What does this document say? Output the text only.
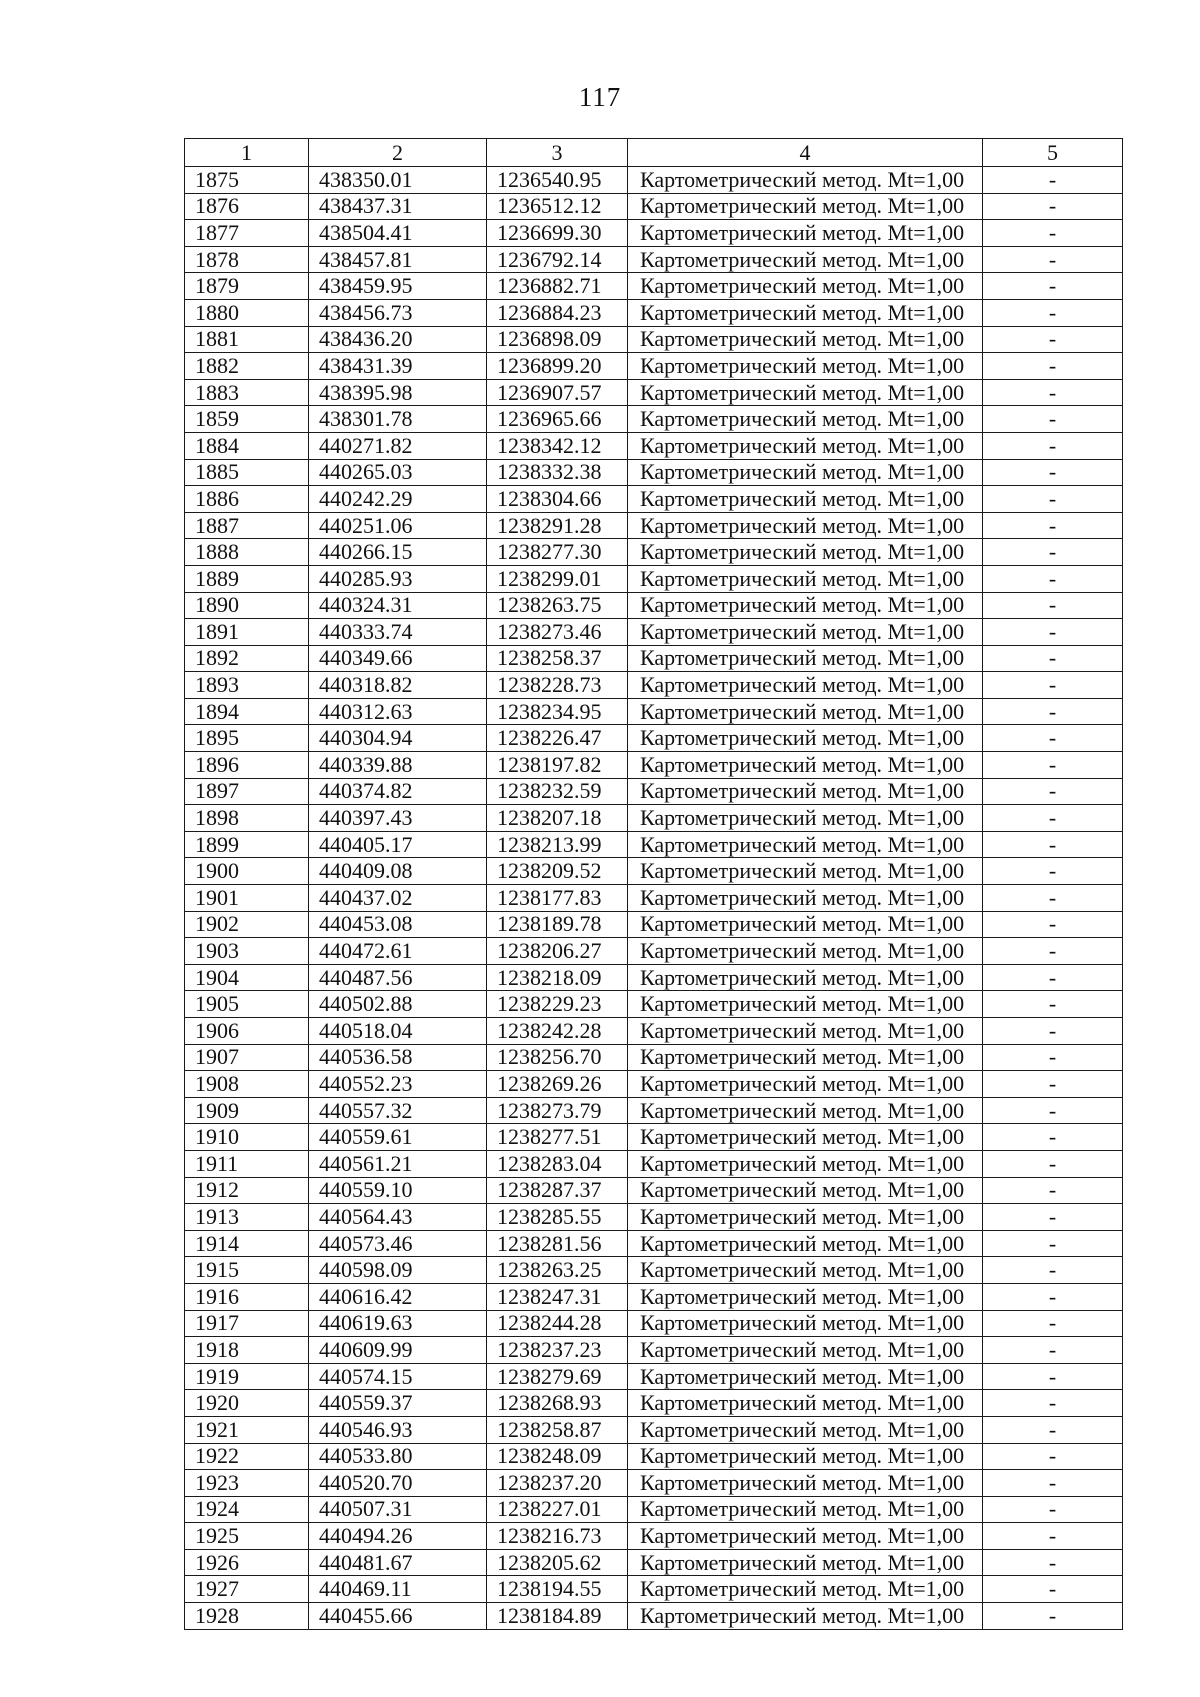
117
1	2	3	4	5
1875	438350.01	1236540.95	Картометрический метод. Mt=1,00	-
1876	438437.31	1236512.12	Картометрический метод. Mt=1,00	-
1877	438504.41	1236699.30	Картометрический метод. Mt=1,00	-
1878	438457.81	1236792.14	Картометрический метод. Mt=1,00	-
1879	438459.95	1236882.71	Картометрический метод. Mt=1,00	-
1880	438456.73	1236884.23	Картометрический метод. Mt=1,00	-
1881	438436.20	1236898.09	Картометрический метод. Mt=1,00	-
1882	438431.39	1236899.20	Картометрический метод. Mt=1,00	-
1883	438395.98	1236907.57	Картометрический метод. Mt=1,00	-
1859	438301.78	1236965.66	Картометрический метод. Mt=1,00	-
1884	440271.82	1238342.12	Картометрический метод. Mt=1,00	-
1885	440265.03	1238332.38	Картометрический метод. Mt=1,00	-
1886	440242.29	1238304.66	Картометрический метод. Mt=1,00	-
1887	440251.06	1238291.28	Картометрический метод. Mt=1,00	-
1888	440266.15	1238277.30	Картометрический метод. Mt=1,00	-
1889	440285.93	1238299.01	Картометрический метод. Mt=1,00	-
1890	440324.31	1238263.75	Картометрический метод. Mt=1,00	-
1891	440333.74	1238273.46	Картометрический метод. Mt=1,00	-
1892	440349.66	1238258.37	Картометрический метод. Mt=1,00	-
1893	440318.82	1238228.73	Картометрический метод. Mt=1,00	-
1894	440312.63	1238234.95	Картометрический метод. Mt=1,00	-
1895	440304.94	1238226.47	Картометрический метод. Mt=1,00	-
1896	440339.88	1238197.82	Картометрический метод. Mt=1,00	-
1897	440374.82	1238232.59	Картометрический метод. Mt=1,00	-
1898	440397.43	1238207.18	Картометрический метод. Mt=1,00	-
1899	440405.17	1238213.99	Картометрический метод. Mt=1,00	-
1900	440409.08	1238209.52	Картометрический метод. Mt=1,00	-
1901	440437.02	1238177.83	Картометрический метод. Mt=1,00	-
1902	440453.08	1238189.78	Картометрический метод. Mt=1,00	-
1903	440472.61	1238206.27	Картометрический метод. Mt=1,00	-
1904	440487.56	1238218.09	Картометрический метод. Mt=1,00	-
1905	440502.88	1238229.23	Картометрический метод. Mt=1,00	-
1906	440518.04	1238242.28	Картометрический метод. Mt=1,00	-
1907	440536.58	1238256.70	Картометрический метод. Mt=1,00	-
1908	440552.23	1238269.26	Картометрический метод. Mt=1,00	-
1909	440557.32	1238273.79	Картометрический метод. Mt=1,00	-
1910	440559.61	1238277.51	Картометрический метод. Mt=1,00	-
1911	440561.21	1238283.04	Картометрический метод. Mt=1,00	-
1912	440559.10	1238287.37	Картометрический метод. Mt=1,00	-
1913	440564.43	1238285.55	Картометрический метод. Mt=1,00	-
1914	440573.46	1238281.56	Картометрический метод. Mt=1,00	-
1915	440598.09	1238263.25	Картометрический метод. Mt=1,00	-
1916	440616.42	1238247.31	Картометрический метод. Mt=1,00	-
1917	440619.63	1238244.28	Картометрический метод. Mt=1,00	-
1918	440609.99	1238237.23	Картометрический метод. Mt=1,00	-
1919	440574.15	1238279.69	Картометрический метод. Mt=1,00	-
1920	440559.37	1238268.93	Картометрический метод. Mt=1,00	-
1921	440546.93	1238258.87	Картометрический метод. Mt=1,00	-
1922	440533.80	1238248.09	Картометрический метод. Mt=1,00	-
1923	440520.70	1238237.20	Картометрический метод. Mt=1,00	-
1924	440507.31	1238227.01	Картометрический метод. Mt=1,00	-
1925	440494.26	1238216.73	Картометрический метод. Mt=1,00	-
1926	440481.67	1238205.62	Картометрический метод. Mt=1,00	-
1927	440469.11	1238194.55	Картометрический метод. Mt=1,00	-
1928	440455.66	1238184.89	Картометрический метод. Mt=1,00	-
